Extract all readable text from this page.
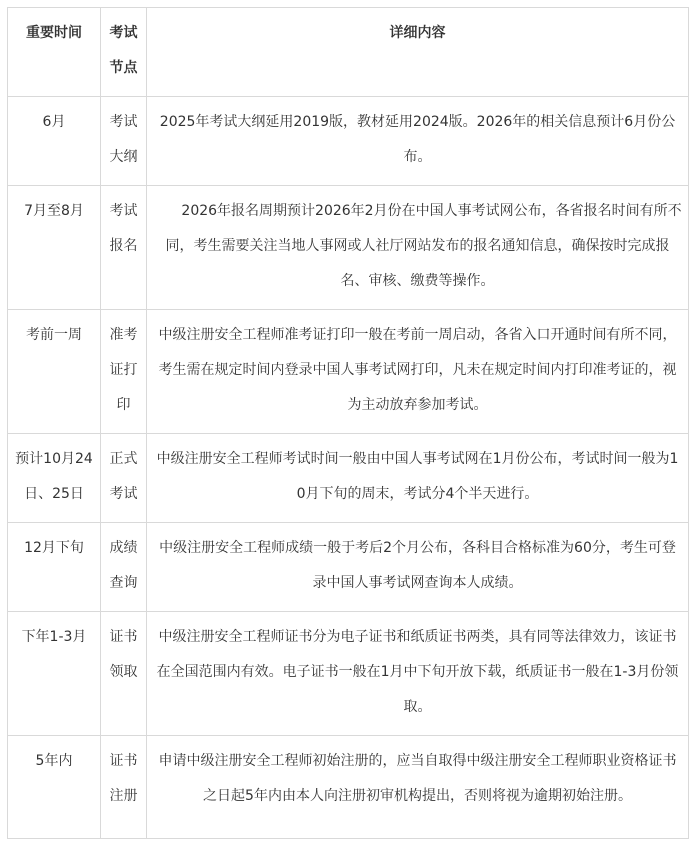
重要时间	考试节点	详细内容
6月	考试大纲	2025年考试大纲延用2019版，教材延用2024版。2026年的相关信息预计6月份公布。
7月至8月	考试报名	2026年报名周期预计2026年2月份在中国人事考试网公布，各省报名时间有所不同，考生需要关注当地人事网或人社厅网站发布的报名通知信息，确保按时完成报名、审核、缴费等操作。
考前一周	准考证打印	中级注册安全工程师准考证打印一般在考前一周启动，各省入口开通时间有所不同，考生需在规定时间内登录中国人事考试网打印，凡未在规定时间内打印准考证的，视为主动放弃参加考试。
预计10月24日、25日	正式考试	中级注册安全工程师考试时间一般由中国人事考试网在1月份公布，考试时间一般为10月下旬的周末，考试分4个半天进行。
12月下旬	成绩查询	中级注册安全工程师成绩一般于考后2个月公布，各科目合格标准为60分，考生可登录中国人事考试网查询本人成绩。
下年1-3月	证书领取	中级注册安全工程师证书分为电子证书和纸质证书两类，具有同等法律效力，该证书在全国范围内有效。电子证书一般在1月中下旬开放下载，纸质证书一般在1-3月份领取。
5年内	证书注册	申请中级注册安全工程师初始注册的，应当自取得中级注册安全工程师职业资格证书之日起5年内由本人向注册初审机构提出，否则将视为逾期初始注册。
